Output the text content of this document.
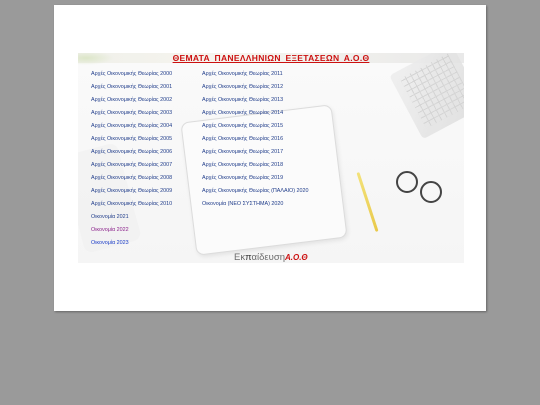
ΘΕΜΑΤΑ ΠΑΝΕΛΛΗΝΙΩΝ ΕΞΕΤΑΣΕΩΝ Α.Ο.Θ
Αρχές Οικονομικής Θεωρίας 2000
Αρχές Οικονομικής Θεωρίας 2001
Αρχές Οικονομικής Θεωρίας 2002
Αρχές Οικονομικής Θεωρίας 2003
Αρχές Οικονομικής Θεωρίας 2004
Αρχές Οικονομικής Θεωρίας 2005
Αρχές Οικονομικής Θεωρίας 2006
Αρχές Οικονομικής Θεωρίας 2007
Αρχές Οικονομικής Θεωρίας 2008
Αρχές Οικονομικής Θεωρίας 2009
Αρχές Οικονομικής Θεωρίας 2010
Οικονομία 2021
Οικονομία 2022
Οικονομία 2023
Αρχές Οικονομικής Θεωρίας 2011
Αρχές Οικονομικής Θεωρίας 2012
Αρχές Οικονομικής Θεωρίας 2013
Αρχές Οικονομικής Θεωρίας 2014
Αρχές Οικονομικής Θεωρίας 2015
Αρχές Οικονομικής Θεωρίας 2016
Αρχές Οικονομικής Θεωρίας 2017
Αρχές Οικονομικής Θεωρίας 2018
Αρχές Οικονομικής Θεωρίας 2019
Αρχές Οικονομικής Θεωρίας (ΠΑΛΑΙΟ) 2020
Οικονομία (ΝΕΟ ΣΥΣΤΗΜΑ) 2020
ΕκπαίδευσηΑ.Ο.Θ
